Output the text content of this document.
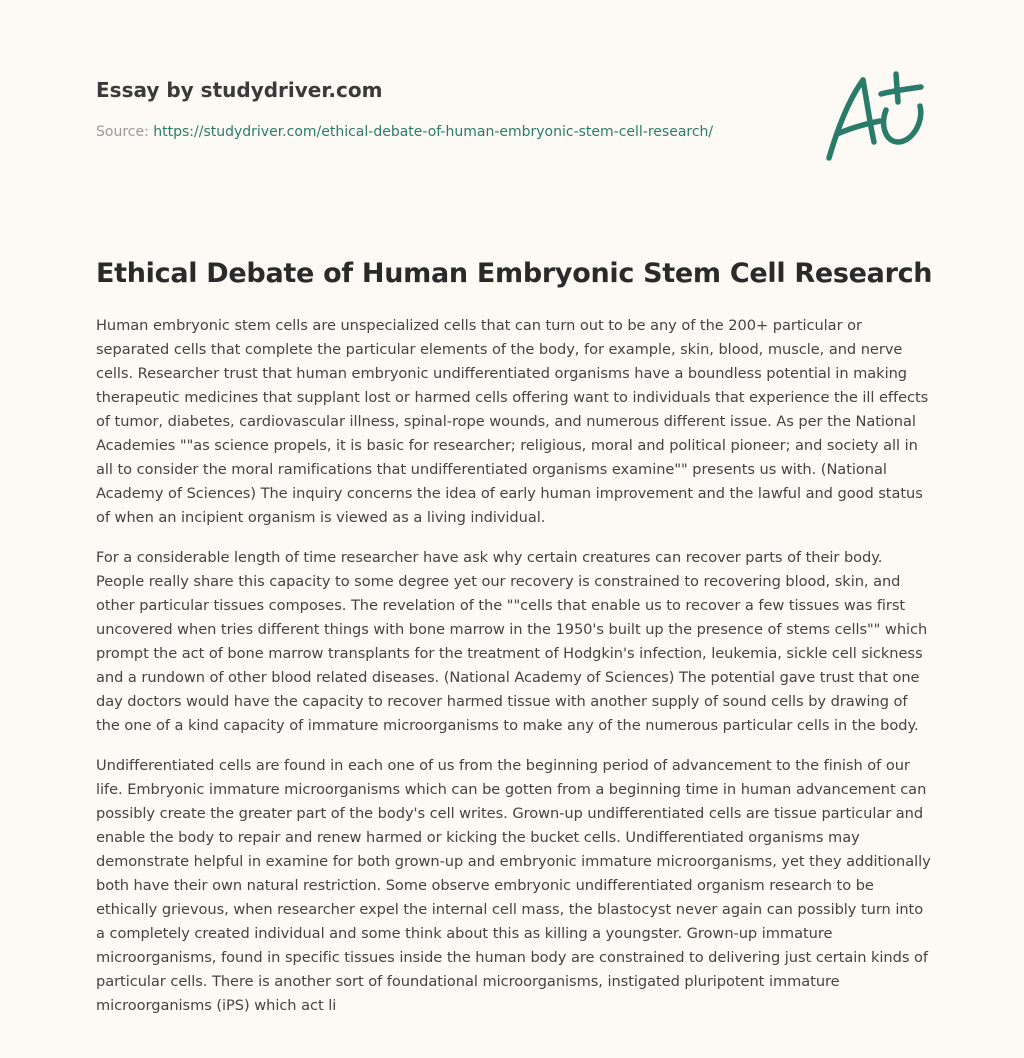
Essay by studydriver.com
Source: https://studydriver.com/ethical-debate-of-human-embryonic-stem-cell-research/
Ethical Debate of Human Embryonic Stem Cell Research

Human embryonic stem cells are unspecialized cells that can turn out to be any of the 200+ particular or separated cells that complete the particular elements of the body, for example, skin, blood, muscle, and nerve cells. Researcher trust that human embryonic undifferentiated organisms have a boundless potential in making therapeutic medicines that supplant lost or harmed cells offering want to individuals that experience the ill effects of tumor, diabetes, cardiovascular illness, spinal-rope wounds, and numerous different issue. As per the National Academies ""as science propels, it is basic for researcher; religious, moral and political pioneer; and society all in all to consider the moral ramifications that undifferentiated organisms examine"" presents us with. (National Academy of Sciences) The inquiry concerns the idea of early human improvement and the lawful and good status of when an incipient organism is viewed as a living individual.

For a considerable length of time researcher have ask why certain creatures can recover parts of their body. People really share this capacity to some degree yet our recovery is constrained to recovering blood, skin, and other particular tissues composes. The revelation of the ""cells that enable us to recover a few tissues was first uncovered when tries different things with bone marrow in the 1950's built up the presence of stems cells"" which prompt the act of bone marrow transplants for the treatment of Hodgkin's infection, leukemia, sickle cell sickness and a rundown of other blood related diseases. (National Academy of Sciences) The potential gave trust that one day doctors would have the capacity to recover harmed tissue with another supply of sound cells by drawing of the one of a kind capacity of immature microorganisms to make any of the numerous particular cells in the body.

Undifferentiated cells are found in each one of us from the beginning period of advancement to the finish of our life. Embryonic immature microorganisms which can be gotten from a beginning time in human advancement can possibly create the greater part of the body's cell writes. Grown-up undifferentiated cells are tissue particular and enable the body to repair and renew harmed or kicking the bucket cells. Undifferentiated organisms may demonstrate helpful in examine for both grown-up and embryonic immature microorganisms, yet they additionally both have their own natural restriction. Some observe embryonic undifferentiated organism research to be ethically grievous, when researcher expel the internal cell mass, the blastocyst never again can possibly turn into a completely created individual and some think about this as killing a youngster. Grown-up immature microorganisms, found in specific tissues inside the human body are constrained to delivering just certain kinds of particular cells. There is another sort of foundational microorganisms, instigated pluripotent immature microorganisms (iPS) which act li
